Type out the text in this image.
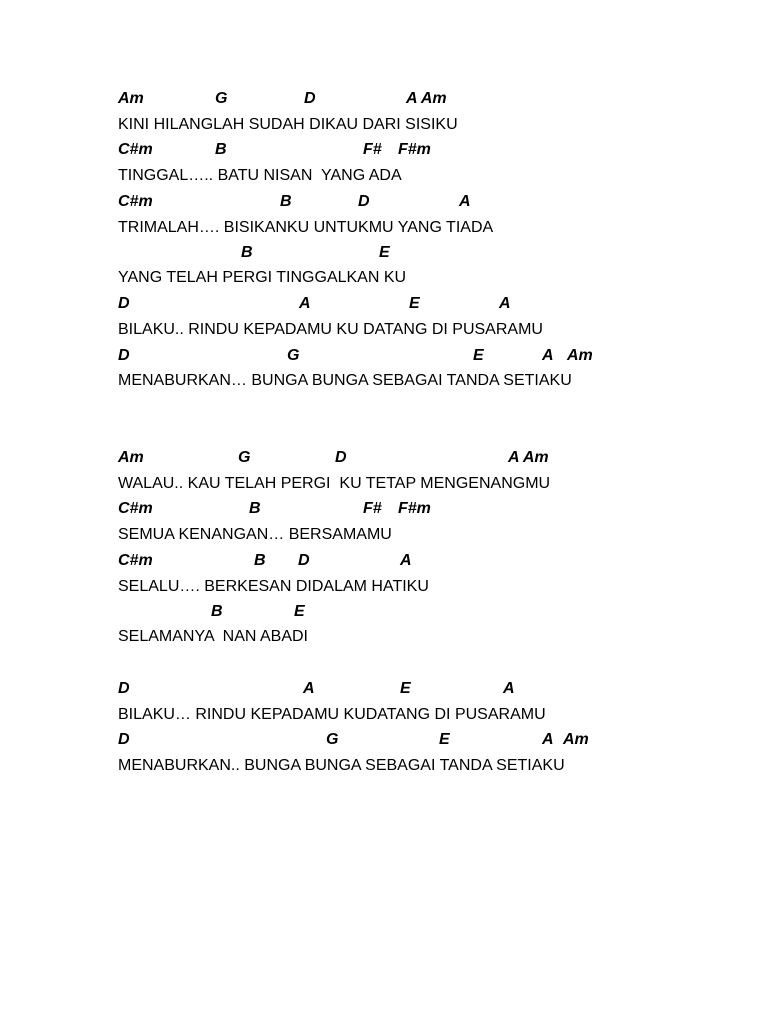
Am	G	D	A Am
KINI HILANGLAH SUDAH DIKAU DARI SISIKU
C#m	B	F# F#m
TINGGAL….. BATU NISAN  YANG ADA
C#m	B	D	A
TRIMALAH…. BISIKANKU UNTUKMU YANG TIADA
B	E
YANG TELAH PERGI TINGGALKAN KU
D	A	E	A
BILAKU.. RINDU KEPADAMU KU DATANG DI PUSARAMU
D	G	E	A Am
MENABURKAN… BUNGA BUNGA SEBAGAI TANDA SETIAKU
Am	G	D	A Am
WALAU.. KAU TELAH PERGI  KU TETAP MENGENANGMU
C#m	B	F# F#m
SEMUA KENANGAN… BERSAMAMU
C#m	B D	A
SELALU…. BERKESAN DIDALAM HATIKU
B	E
SELAMANYA  NAN ABADI
D	A	E	A
BILAKU… RINDU KEPADAMU KUDATANG DI PUSARAMU
D	G	E	A Am
MENABURKAN.. BUNGA BUNGA SEBAGAI TANDA SETIAKU
